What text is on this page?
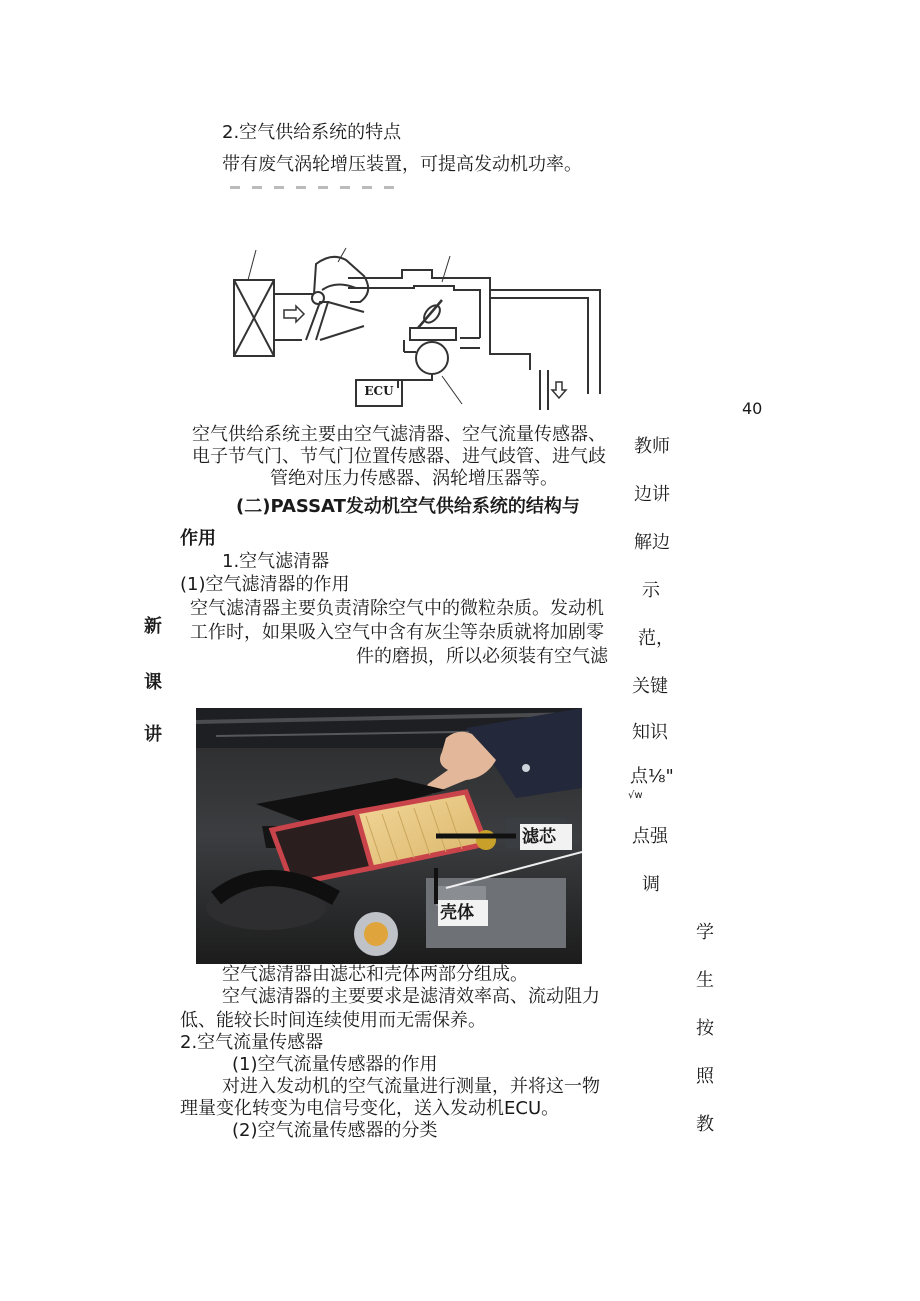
40
2.空气供给系统的特点
带有废气涡轮增压装置，可提高发动机功率。
ECU
空气供给系统主要由空气滤清器、空气流量传感器、
电子节气门、节气门位置传感器、进气歧管、进气歧
管绝对压力传感器、涡轮增压器等。
(二)PASSAT发动机空气供给系统的结构与
作用
1.空气滤清器
(1)空气滤清器的作用
空气滤清器主要负责清除空气中的微粒杂质。发动机
工作时，如果吸入空气中含有灰尘等杂质就将加剧零
件的磨损，所以必须装有空气滤
新
课
讲
教师
边讲
解边
示
范，
关键
知识
点⅛"
√w
点强
调
学
生
按
照
教
滤芯
壳体
空气滤清器由滤芯和壳体两部分组成。
空气滤清器的主要要求是滤清效率高、流动阻力
低、能较长时间连续使用而无需保养。
2.空气流量传感器
(1)空气流量传感器的作用
对进入发动机的空气流量进行测量，并将这一物
理量变化转变为电信号变化，送入发动机ECU。
(2)空气流量传感器的分类
